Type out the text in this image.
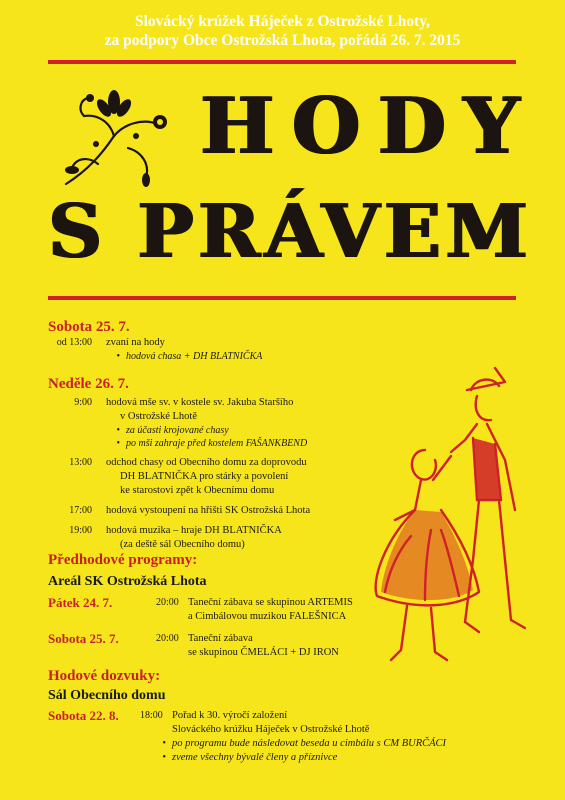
Slovácký krúžek Háječek z Ostrožské Lhoty,
za podpory Obce Ostrožská Lhota, pořádá 26. 7. 2015
HODY
S PRÁVEM
Sobota 25. 7.
od 13:00	zvaní na hody
• hodová chasa + DH BLATNIČKA
Neděle 26. 7.
9:00	hodová mše sv. v kostele sv. Jakuba Staršího
v Ostrožské Lhotě
• za účasti krojované chasy
• po mši zahraje před kostelem FAŠANKBEND
13:00	odchod chasy od Obecního domu za doprovodu
DH BLATNIČKA pro stárky a povolení
ke starostovi zpět k Obecnímu domu
17:00	hodová vystoupení na hřišti SK Ostrožská Lhota
19:00	hodová muzika – hraje DH BLATNIČKA
(za deště sál Obecního domu)
Předhodové programy:
Areál SK Ostrožská Lhota
Pátek 24. 7.	20:00 Taneční zábava se skupinou ARTEMIS
a Cimbálovou muzikou FALEŠNICA
Sobota 25. 7.	20:00 Taneční zábava
se skupinou ČMELÁCI + DJ IRON
Hodové dozvuky:
Sál Obecního domu
Sobota 22. 8.	18:00 Pořad k 30. výročí založení
Slováckého krúžku Háječek v Ostrožské Lhotě
• po programu bude následovat beseda u cimbálu s CM BURČÁCI
• zveme všechny bývalé členy a příznivce
